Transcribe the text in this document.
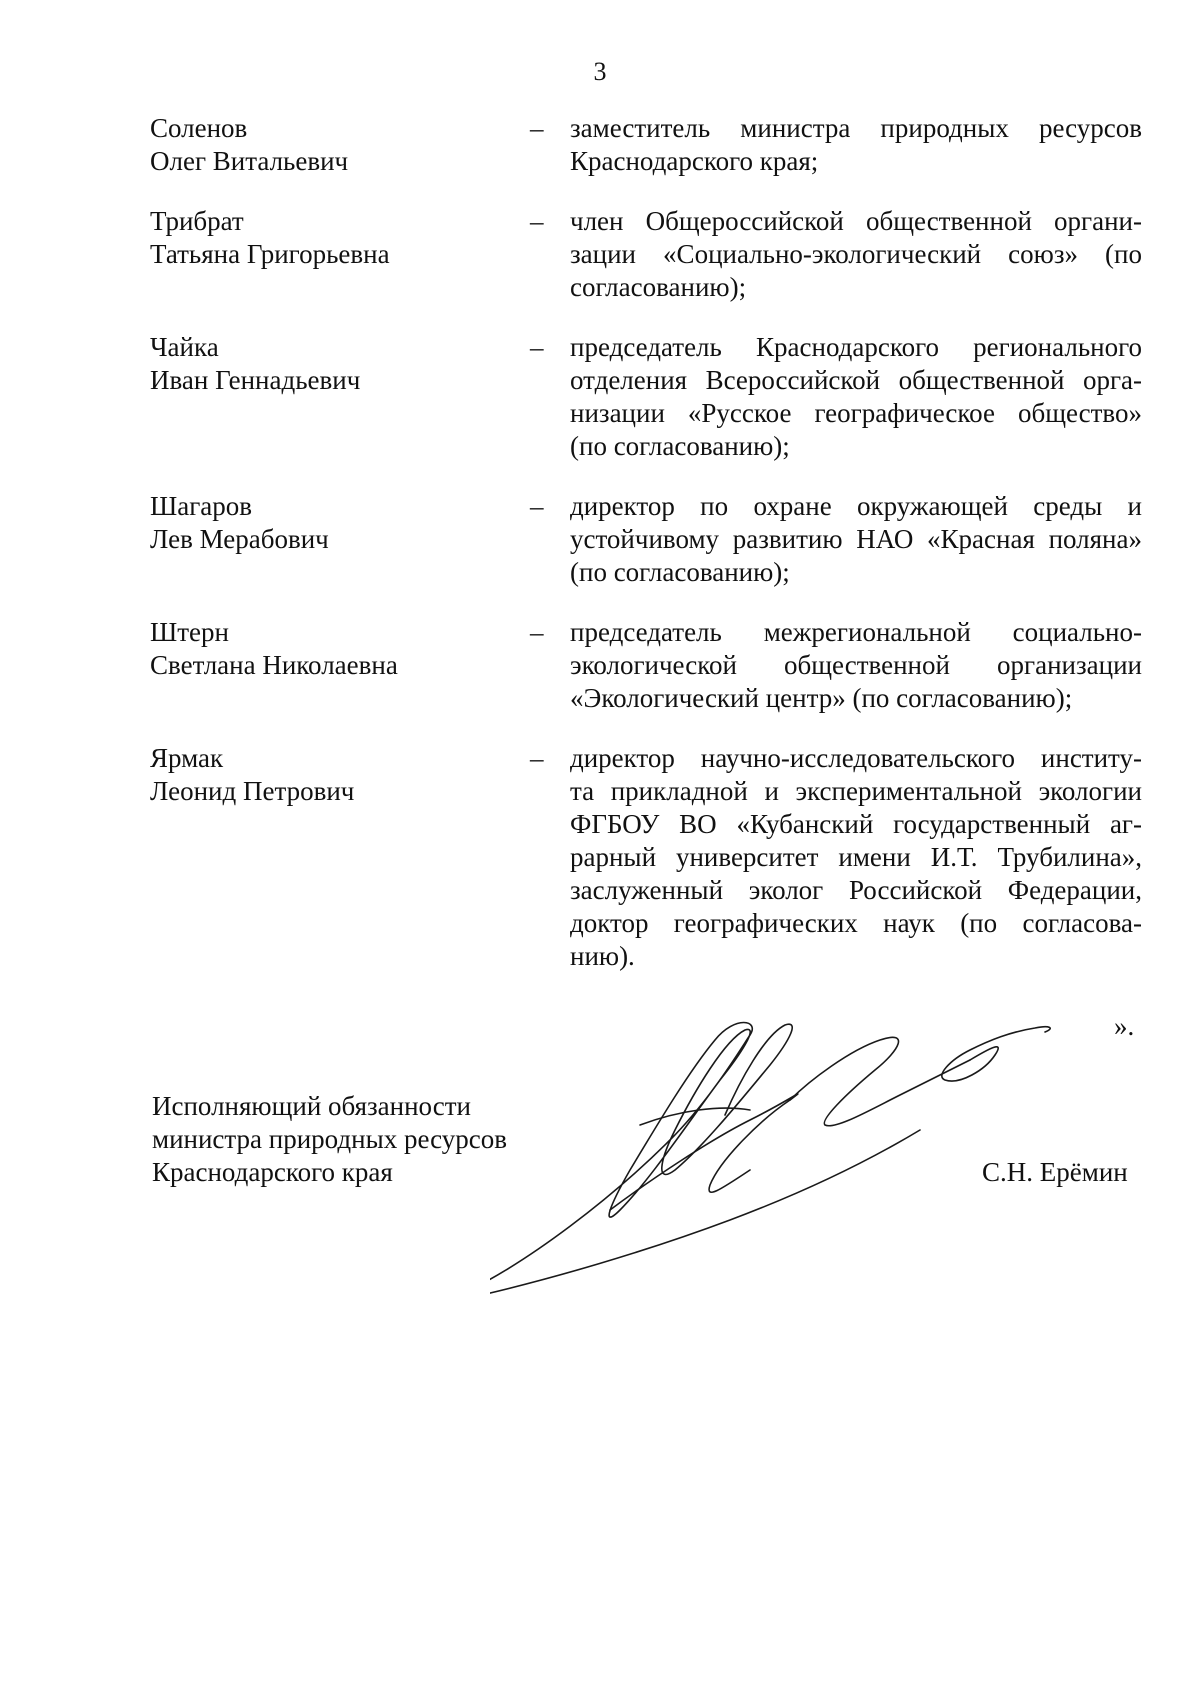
3
Соленов
Олег Витальевич
– заместитель министра природных ресурсов
Краснодарского края;
Трибрат
Татьяна Григорьевна
– член Общероссийской общественной органи-
зации «Социально-экологический союз» (по
согласованию);
Чайка
Иван Геннадьевич
– председатель Краснодарского регионального
отделения Всероссийской общественной орга-
низации «Русское географическое общество»
(по согласованию);
Шагаров
Лев Мерабович
– директор по охране окружающей среды и
устойчивому развитию НАО «Красная поляна»
(по согласованию);
Штерн
Светлана Николаевна
– председатель межрегиональной социально-
экологической общественной организации
«Экологический центр» (по согласованию);
Ярмак
Леонид Петрович
– директор научно-исследовательского институ-
та прикладной и экспериментальной экологии
ФГБОУ ВО «Кубанский государственный аг-
рарный университет имени И.Т. Трубилина»,
заслуженный эколог Российской Федерации,
доктор географических наук (по согласова-
нию).
».
Исполняющий обязанности
министра природных ресурсов
Краснодарского края	С.Н. Ерёмин
